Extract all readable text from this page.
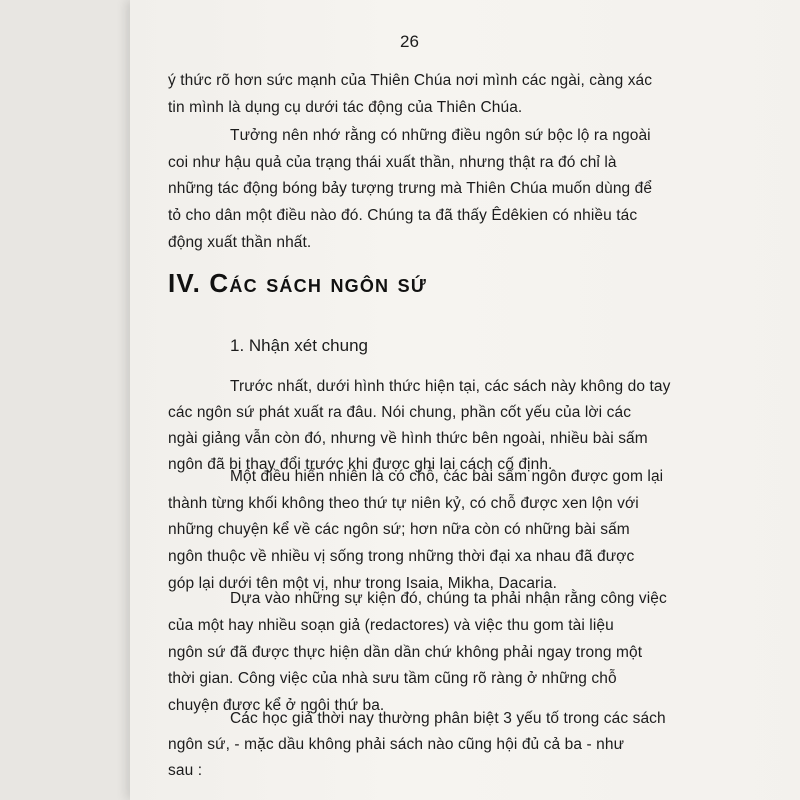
26
ý thức rõ hơn sức mạnh của Thiên Chúa nơi mình các ngài, càng xác
tin mình là dụng cụ dưới tác động của Thiên Chúa.
Tưởng nên nhớ rằng có những điều ngôn sứ bộc lộ ra ngoài
coi như hậu quả của trạng thái xuất thần, nhưng thật ra đó chỉ là
những tác động bóng bảy tượng trưng mà Thiên Chúa muốn dùng để
tỏ cho dân một điều nào đó. Chúng ta đã thấy Êdêkien có nhiều tác
động xuất thần nhất.
IV. Các sách ngôn sứ
1. Nhận xét chung
Trước nhất, dưới hình thức hiện tại, các sách này không do tay
các ngôn sứ phát xuất ra đâu. Nói chung, phần cốt yếu của lời các
ngài giảng vẫn còn đó, nhưng về hình thức bên ngoài, nhiều bài sấm
ngôn đã bị thay đổi trước khi được ghi lại cách cố định.
Một điều hiển nhiên là có chỗ, các bài sấm ngôn được gom lại
thành từng khối không theo thứ tự niên kỷ, có chỗ được xen lộn với
những chuyện kể về các ngôn sứ; hơn nữa còn có những bài sấm
ngôn thuộc về nhiều vị sống trong những thời đại xa nhau đã được
góp lại dưới tên một vị, như trong Isaia, Mikha, Dacaria.
Dựa vào những sự kiện đó, chúng ta phải nhận rằng công việc
của một hay nhiều soạn giả (redactores) và việc thu gom tài liệu
ngôn sứ đã được thực hiện dần dần chứ không phải ngay trong một
thời gian. Công việc của nhà sưu tầm cũng rõ ràng ở những chỗ
chuyện được kể ở ngôi thứ ba.
Các học giả thời nay thường phân biệt 3 yếu tố trong các sách
ngôn sứ, - mặc dầu không phải sách nào cũng hội đủ cả ba - như
sau :
